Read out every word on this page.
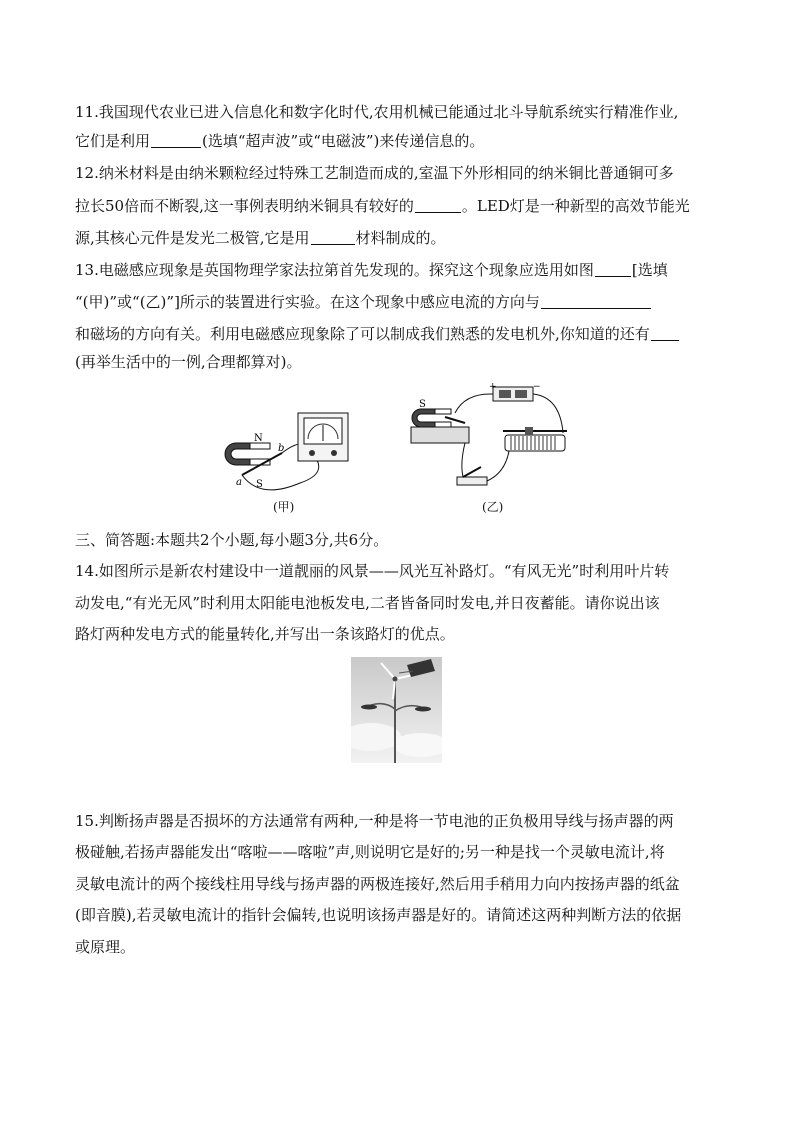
11.我国现代农业已进入信息化和数字化时代,农用机械已能通过北斗导航系统实行精准作业,
它们是利用	(选填“超声波”或“电磁波”)来传递信息的。
12.纳米材料是由纳米颗粒经过特殊工艺制造而成的,室温下外形相同的纳米铜比普通铜可多
拉长50倍而不断裂,这一事例表明纳米铜具有较好的	。LED灯是一种新型的高效节能光
源,其核心元件是发光二极管,它是用	材料制成的。
13.电磁感应现象是英国物理学家法拉第首先发现的。探究这个现象应选用如图	[选填
“(甲)”或“(乙)”]所示的装置进行实验。在这个现象中感应电流的方向与
和磁场的方向有关。利用电磁感应现象除了可以制成我们熟悉的发电机外,你知道的还有
(再举生活中的一例,合理都算对)。
N
S
a
b
(甲)
+	−
S
(乙)
三、简答题:本题共2个小题,每小题3分,共6分。
14.如图所示是新农村建设中一道靓丽的风景——风光互补路灯。“有风无光”时利用叶片转
动发电,“有光无风”时利用太阳能电池板发电,二者皆备同时发电,并日夜蓄能。请你说出该
路灯两种发电方式的能量转化,并写出一条该路灯的优点。
15.判断扬声器是否损坏的方法通常有两种,一种是将一节电池的正负极用导线与扬声器的两
极碰触,若扬声器能发出“喀啦——喀啦”声,则说明它是好的;另一种是找一个灵敏电流计,将
灵敏电流计的两个接线柱用导线与扬声器的两极连接好,然后用手稍用力向内按扬声器的纸盆
(即音膜),若灵敏电流计的指针会偏转,也说明该扬声器是好的。请简述这两种判断方法的依据
或原理。
